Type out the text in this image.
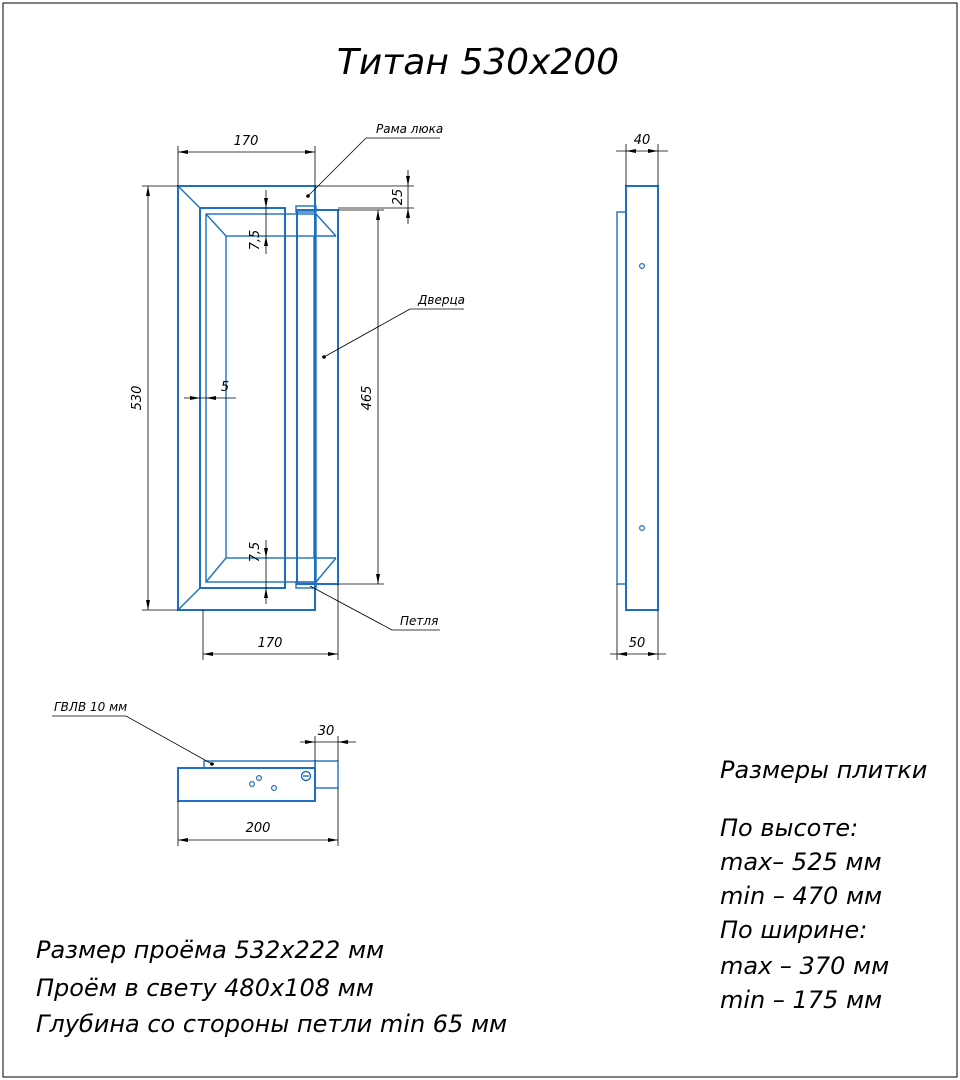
Титан 530х200
170
170
530	465
25
7,5
7,5
5
Рама люка
Дверца
Петля
40
50
30
200
ГВЛВ 10 мм
Размеры плитки
По высоте:
max– 525 мм
min – 470 мм
По ширине:
max – 370 мм
min – 175 мм
Размер проёма 532х222 мм
Проём в свету 480х108 мм
Глубина со стороны петли min 65 мм
